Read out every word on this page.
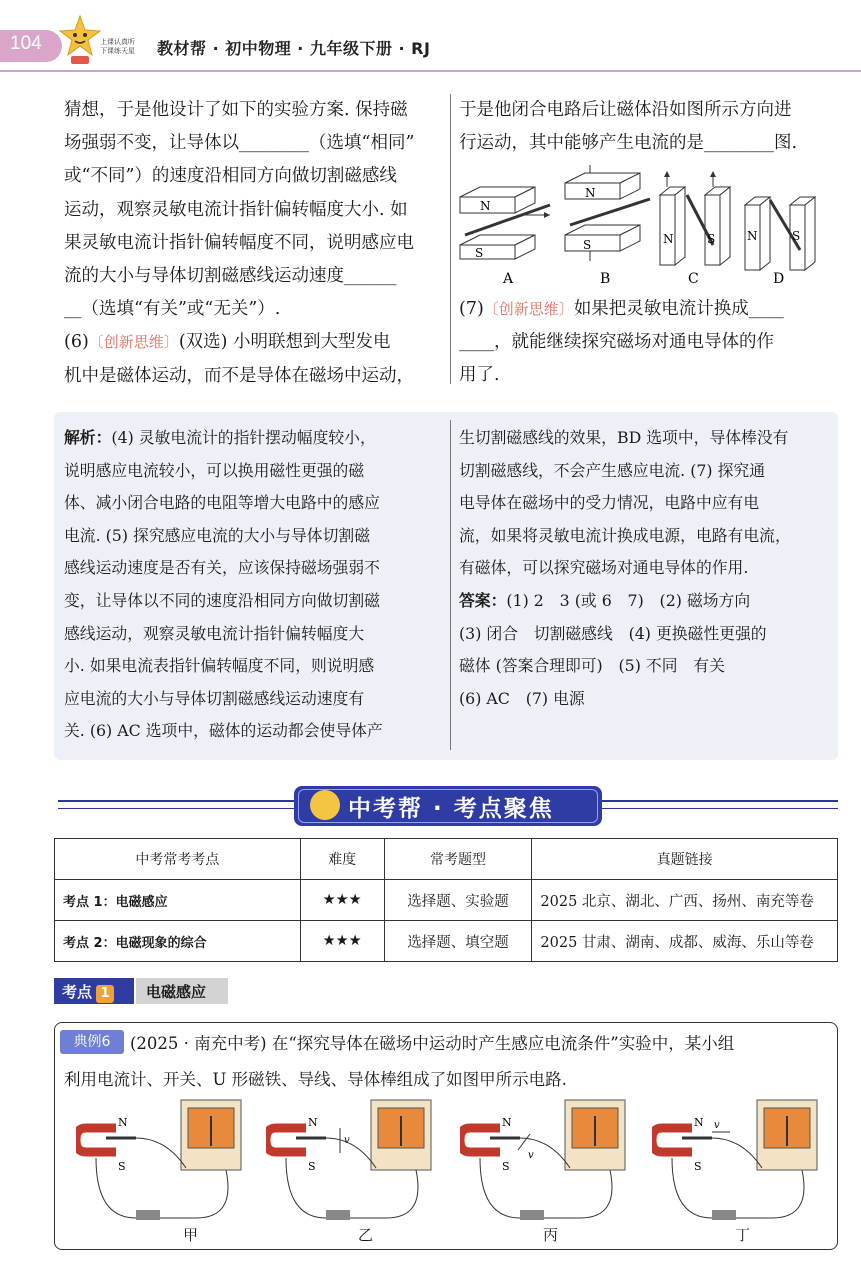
104	上课认真听
下课练天星	教材帮 · 初中物理 · 九年级下册 · RJ
猜想，于是他设计了如下的实验方案. 保持磁
场强弱不变，让导体以________（选填“相同”
或“不同”）的速度沿相同方向做切割磁感线
运动，观察灵敏电流计指针偏转幅度大小. 如
果灵敏电流计指针偏转幅度不同，说明感应电
流的大小与导体切割磁感线运动速度______
__（选填“有关”或“无关”）.
(6)〔创新思维〕(双选) 小明联想到大型发电
机中是磁体运动，而不是导体在磁场中运动，
于是他闭合电路后让磁体沿如图所示方向进
行运动，其中能够产生电流的是________图.
N
S
A
N
S
B
N	S
C
N	S
D
(7)〔创新思维〕如果把灵敏电流计换成____
____，就能继续探究磁场对通电导体的作
用了.
解析：(4) 灵敏电流计的指针摆动幅度较小，
说明感应电流较小，可以换用磁性更强的磁
体、减小闭合电路的电阻等增大电路中的感应
电流. (5) 探究感应电流的大小与导体切割磁
感线运动速度是否有关，应该保持磁场强弱不
变，让导体以不同的速度沿相同方向做切割磁
感线运动，观察灵敏电流计指针偏转幅度大
小. 如果电流表指针偏转幅度不同，则说明感
应电流的大小与导体切割磁感线运动速度有
关. (6) AC 选项中，磁体的运动都会使导体产
生切割磁感线的效果，BD 选项中，导体棒没有
切割磁感线，不会产生感应电流. (7) 探究通
电导体在磁场中的受力情况，电路中应有电
流，如果将灵敏电流计换成电源，电路有电流，
有磁体，可以探究磁场对通电导体的作用.
答案：(1) 2　3 (或 6　7)　(2) 磁场方向
(3) 闭合　切割磁感线　(4) 更换磁性更强的
磁体 (答案合理即可)　(5) 不同　有关
(6) AC　(7) 电源
中考帮 · 考点聚焦
中考常考考点	难度	常考题型	真题链接
考点 1：电磁感应	★★★	选择题、实验题	2025 北京、湖北、广西、扬州、南充等卷
考点 2：电磁现象的综合	★★★	选择题、填空题	2025 甘肃、湖南、成都、威海、乐山等卷
考点 1	电磁感应
(2025 · 南充中考) 在“探究导体在磁场中运动时产生感应电流条件”实验中，某小组
利用电流计、开关、U 形磁铁、导线、导体棒组成了如图甲所示电路.
典例6
N
S
甲
N
S
v
乙
N
S
v
丙
N
S
v
丁
